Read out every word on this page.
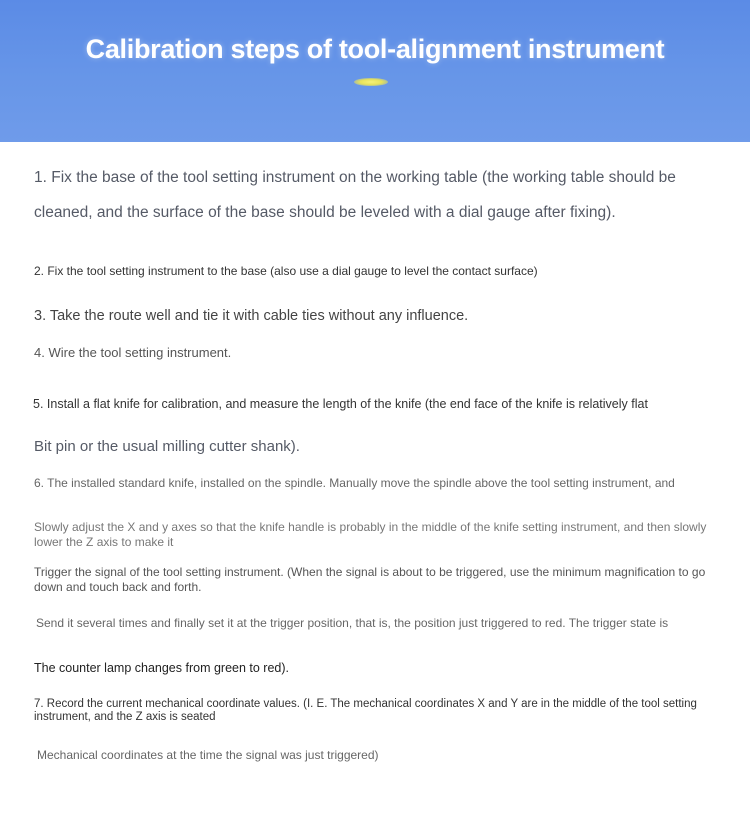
Calibration steps of tool-alignment instrument

1. Fix the base of the tool setting instrument on the working table (the working table should be cleaned, and the surface of the base should be leveled with a dial gauge after fixing).

2. Fix the tool setting instrument to the base (also use a dial gauge to level the contact surface)

3. Take the route well and tie it with cable ties without any influence.

4. Wire the tool setting instrument.

5. Install a flat knife for calibration, and measure the length of the knife (the end face of the knife is relatively flat

Bit pin or the usual milling cutter shank).

6. The installed standard knife, installed on the spindle. Manually move the spindle above the tool setting instrument, and

Slowly adjust the X and y axes so that the knife handle is probably in the middle of the knife setting instrument, and then slowly lower the Z axis to make it

Trigger the signal of the tool setting instrument. (When the signal is about to be triggered, use the minimum magnification to go down and touch back and forth.

Send it several times and finally set it at the trigger position, that is, the position just triggered to red. The trigger state is

The counter lamp changes from green to red).

7. Record the current mechanical coordinate values. (I. E. The mechanical coordinates X and Y are in the middle of the tool setting instrument, and the Z axis is seated

Mechanical coordinates at the time the signal was just triggered)
